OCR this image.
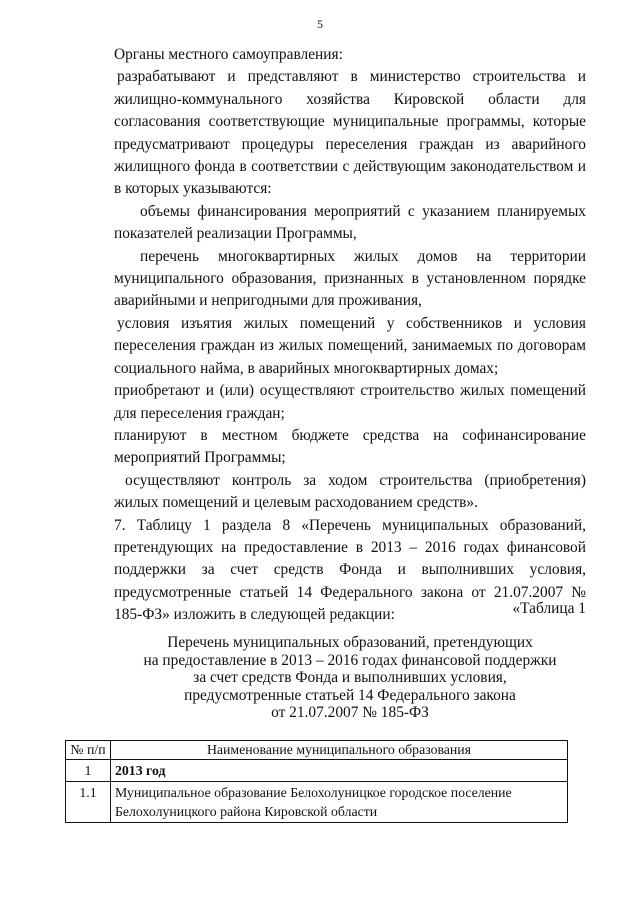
5

Органы местного самоуправления:

разрабатывают и представляют в министерство строительства и жилищно-коммунального хозяйства Кировской области для согласования соответствующие муниципальные программы, которые предусматривают процедуры переселения граждан из аварийного жилищного фонда в соответствии с действующим законодательством и в которых указываются:

объемы финансирования мероприятий с указанием планируемых показателей реализации Программы,

перечень многоквартирных жилых домов на территории муниципального образования, признанных в установленном порядке аварийными и непригодными для проживания,

условия изъятия жилых помещений у собственников и условия переселения граждан из жилых помещений, занимаемых по договорам социального найма, в аварийных многоквартирных домах;

приобретают и (или) осуществляют строительство жилых помещений для переселения граждан;

планируют в местном бюджете средства на софинансирование мероприятий Программы;

осуществляют контроль за ходом строительства (приобретения) жилых помещений и целевым расходованием средств».

7. Таблицу 1 раздела 8 «Перечень муниципальных образований, претендующих на предоставление в 2013 – 2016 годах финансовой поддержки за счет средств Фонда и выполнивших условия, предусмотренные статьей 14 Федерального закона от 21.07.2007 № 185-ФЗ» изложить в следующей редакции:	«Таблица 1
Перечень муниципальных образований, претендующих
на предоставление в 2013 – 2016 годах финансовой поддержки
за счет средств Фонда и выполнивших условия,
предусмотренные статьей 14 Федерального закона
от 21.07.2007 № 185-ФЗ
№ п/п	Наименование муниципального образования
1	2013 год
1.1	Муниципальное образование Белохолуницкое городское поселение Белохолуницкого района Кировской области
